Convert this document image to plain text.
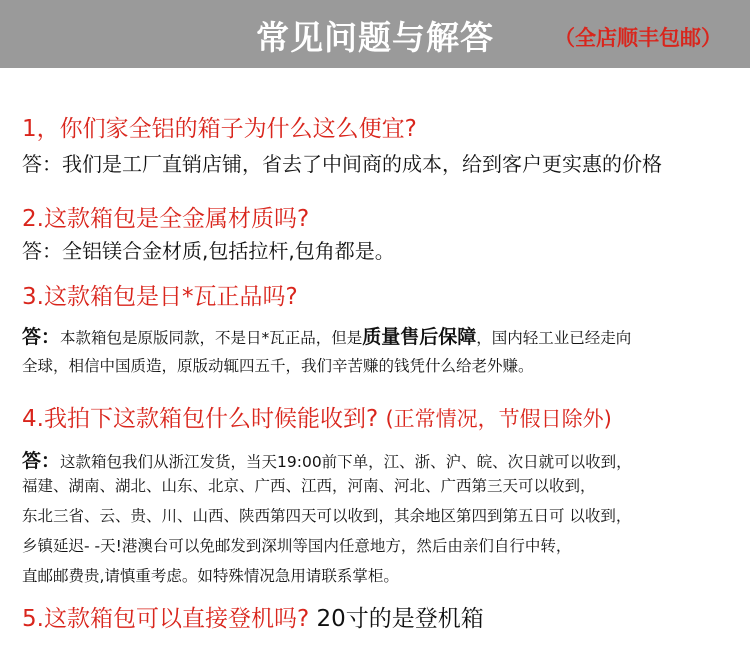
常见问题与解答	（全店顺丰包邮）
1，你们家全铝的箱子为什么这么便宜?
答：我们是工厂直销店铺，省去了中间商的成本，给到客户更实惠的价格
2.这款箱包是全金属材质吗?
答：全铝镁合金材质,包括拉杆,包角都是。
3.这款箱包是日*瓦正品吗?
答：本款箱包是原版同款，不是日*瓦正品，但是质量售后保障，国内轻工业已经走向
全球，相信中国质造，原版动辄四五千，我们辛苦赚的钱凭什么给老外赚。
4.我拍下这款箱包什么时候能收到? (正常情况，节假日除外)
答：这款箱包我们从浙江发货，当天19:00前下单，江、浙、沪、皖、次日就可以收到，
福建、湖南、湖北、山东、北京、广西、江西，河南、河北、广西第三天可以收到，
东北三省、云、贵、川、山西、陕西第四天可以收到，其余地区第四到第五日可 以收到，
乡镇延迟- -天!港澳台可以免邮发到深圳等国内任意地方，然后由亲们自行中转，
直邮邮费贵,请慎重考虑。如特殊情况急用请联系掌柜。
5.这款箱包可以直接登机吗? 20寸的是登机箱
